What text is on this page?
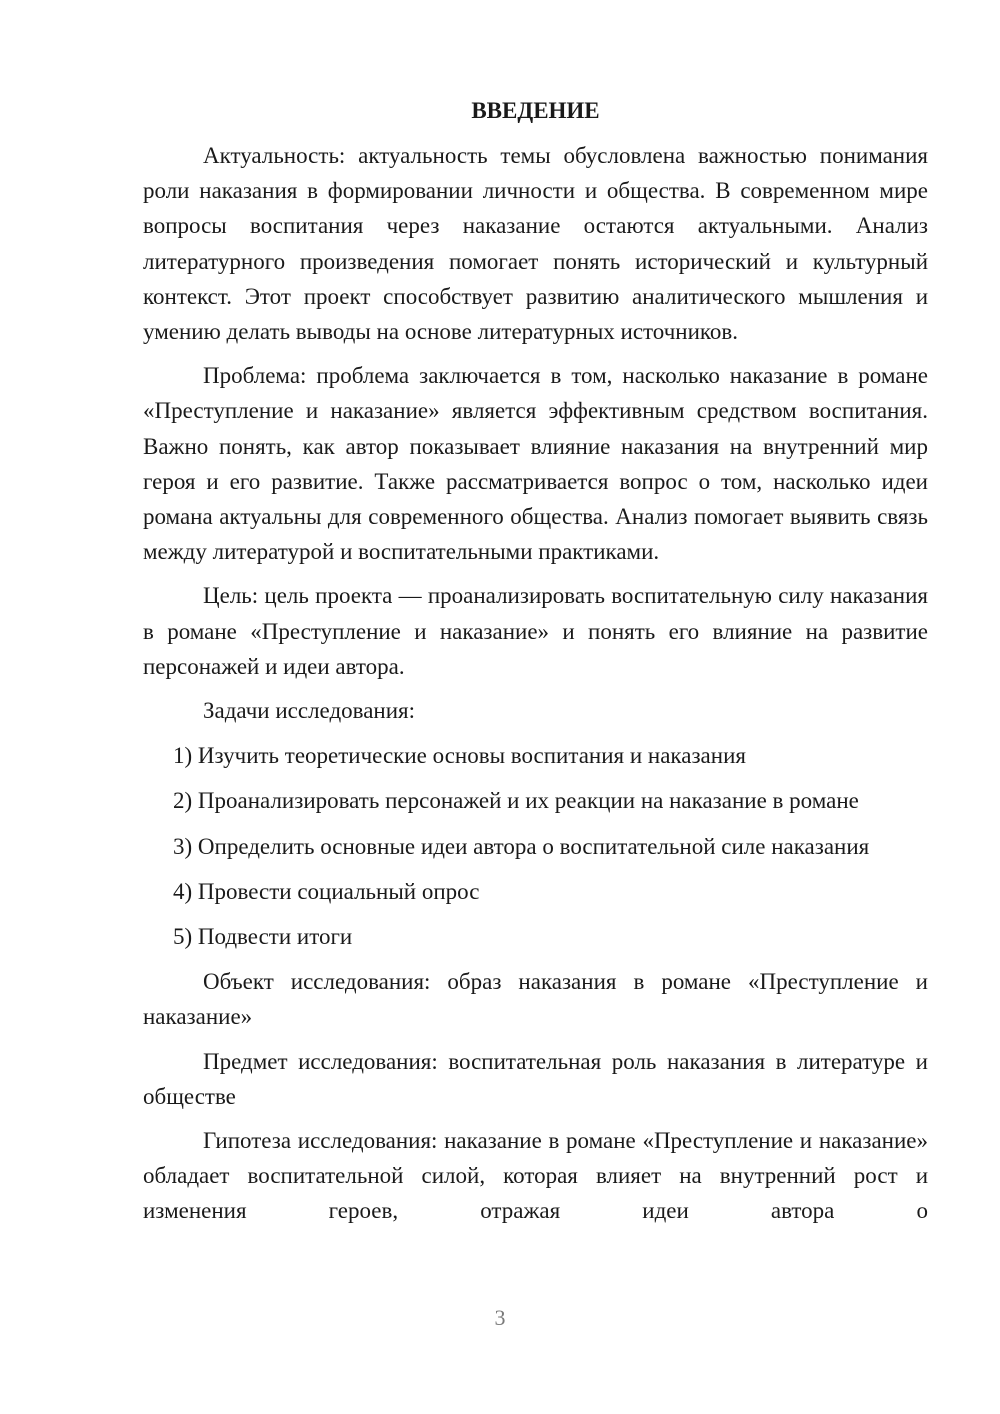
ВВЕДЕНИЕ

Актуальность: актуальность темы обусловлена важностью понимания роли наказания в формировании личности и общества. В современном мире вопросы воспитания через наказание остаются актуальными. Анализ литературного произведения помогает понять исторический и культурный контекст. Этот проект способствует развитию аналитического мышления и умению делать выводы на основе литературных источников.

Проблема: проблема заключается в том, насколько наказание в романе «Преступление и наказание» является эффективным средством воспитания. Важно понять, как автор показывает влияние наказания на внутренний мир героя и его развитие. Также рассматривается вопрос о том, насколько идеи романа актуальны для современного общества. Анализ помогает выявить связь между литературой и воспитательными практиками.

Цель: цель проекта — проанализировать воспитательную силу наказания в романе «Преступление и наказание» и понять его влияние на развитие персонажей и идеи автора.

Задачи исследования:
1) Изучить теоретические основы воспитания и наказания
2) Проанализировать персонажей и их реакции на наказание в романе
3) Определить основные идеи автора о воспитательной силе наказания
4) Провести социальный опрос
5) Подвести итоги

Объект исследования: образ наказания в романе «Преступление и наказание»

Предмет исследования: воспитательная роль наказания в литературе и обществе

Гипотеза исследования: наказание в романе «Преступление и наказание» обладает воспитательной силой, которая влияет на внутренний рост и изменения героев, отражая идеи автора о

3
